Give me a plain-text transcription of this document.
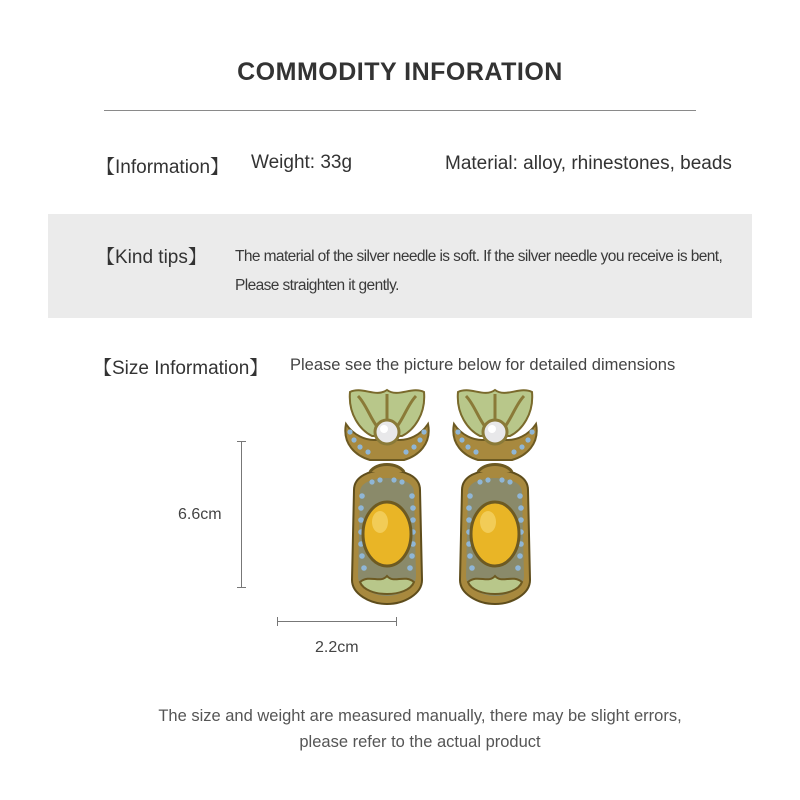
COMMODITY INFORATION
【Information】 Weight: 33g	Material: alloy, rhinestones, beads
【Kind tips】 The material of the silver needle is soft. If the silver needle you receive is bent,
Please straighten it gently.
【Size Information】 Please see the picture below for detailed dimensions
6.6cm
2.2cm
The size and weight are measured manually, there may be slight errors,
please refer to the actual product
